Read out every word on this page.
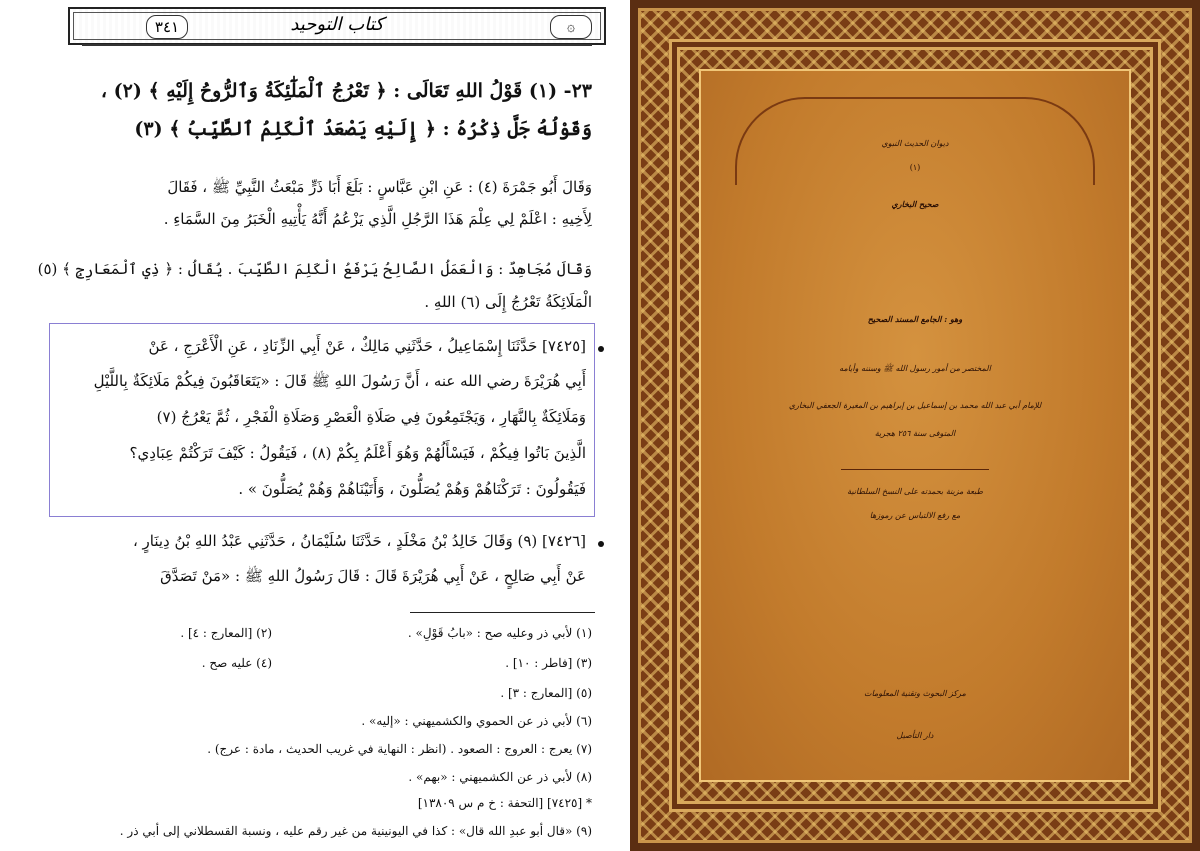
٣٤١	كتاب التوحيد	۞
٢٣- (١) قَوْلُ اللهِ تَعَالَى : ﴿ تَعْرُجُ ٱلْمَلَٰٓئِكَةُ وَٱلرُّوحُ إِلَيْهِ ﴾ (٢) ،
وَقَوْلُهُ جَلَّ ذِكْرُهُ : ﴿ إِلَيْهِ يَصْعَدُ ٱلْكَلِمُ ٱلطَّيِّبُ ﴾ (٣)
وَقَالَ أَبُو جَمْرَةَ (٤) : عَنِ ابْنِ عَبَّاسٍ : بَلَغَ أَبَا ذَرٍّ مَبْعَثُ النَّبِيِّ ﷺ ، فَقَالَ
لِأَخِيهِ : اعْلَمْ لِي عِلْمَ هَذَا الرَّجُلِ الَّذِي يَزْعُمُ أَنَّهُ يَأْتِيهِ الْخَبَرُ مِنَ السَّمَاءِ .
وَقَالَ مُجَاهِدٌ : وَالْعَمَلُ الصَّالِحُ يَرْفَعُ الْكَلِمَ الطَّيِّبَ . يُقَالُ : ﴿ ذِي ٱلْمَعَارِجِ ﴾ (٥)
الْمَلَائِكَةُ تَعْرُجُ إِلَى (٦) اللهِ .
[٧٤٢٥] حَدَّثَنَا إِسْمَاعِيلُ ، حَدَّثَنِي مَالِكٌ ، عَنْ أَبِي الزِّنَادِ ، عَنِ الْأَعْرَجِ ، عَنْ
أَبِي هُرَيْرَةَ رضي الله عنه ، أَنَّ رَسُولَ اللهِ ﷺ قَالَ : «يَتَعَاقَبُونَ فِيكُمْ مَلَائِكَةٌ بِاللَّيْلِ
وَمَلَائِكَةٌ بِالنَّهَارِ ، وَيَجْتَمِعُونَ فِي صَلَاةِ الْعَصْرِ وَصَلَاةِ الْفَجْرِ ، ثُمَّ يَعْرُجُ (٧)
الَّذِينَ بَاتُوا فِيكُمْ ، فَيَسْأَلُهُمْ وَهُوَ أَعْلَمُ بِكُمْ (٨) ، فَيَقُولُ : كَيْفَ تَرَكْتُمْ عِبَادِي؟
فَيَقُولُونَ : تَرَكْنَاهُمْ وَهُمْ يُصَلُّونَ ، وَأَتَيْنَاهُمْ وَهُمْ يُصَلُّونَ » .
[٧٤٢٦] (٩) وَقَالَ خَالِدُ بْنُ مَخْلَدٍ ، حَدَّثَنَا سُلَيْمَانُ ، حَدَّثَنِي عَبْدُ اللهِ بْنُ دِينَارٍ ،
عَنْ أَبِي صَالِحٍ ، عَنْ أَبِي هُرَيْرَةَ قَالَ : قَالَ رَسُولُ اللهِ ﷺ : «مَنْ تَصَدَّقَ
(١) لأبي ذر وعليه صح : «بابُ قَوْلِ» .
(٢) [المعارج : ٤] .
(٣) [فاطر : ١٠] .
(٤) عليه صح .
(٥) [المعارج : ٣] .
(٦) لأبي ذر عن الحموي والكشميهني : «إليه» .
(٧) يعرج : العروج : الصعود . (انظر : النهاية في غريب الحديث ، مادة : عرج) .
(٨) لأبي ذر عن الكشميهني : «بهم» .
* [٧٤٢٥] [التحفة : خ م س ١٣٨٠٩]
(٩) «قال أبو عبدِ الله قال» : كذا في اليونينية من غير رقم عليه ، ونسبة القسطلاني إلى أبي ذر .
ديوان الحديث النبوي
(١)
صحيح البخاري
وهو : الجامع المسند الصحيح
المختصر من أمور رسول الله ﷺ وسننه وأيامه
للإمام أبي عبد الله محمد بن إسماعيل بن إبراهيم بن المغيرة الجعفي البخاري
المتوفى سنة ٢٥٦ هجرية
طبعة مزينة بحمدته على النسخ السلطانية
مع رفع الالتباس عن رموزها
مركز البحوث وتقنية المعلومات
دار التأصيل
